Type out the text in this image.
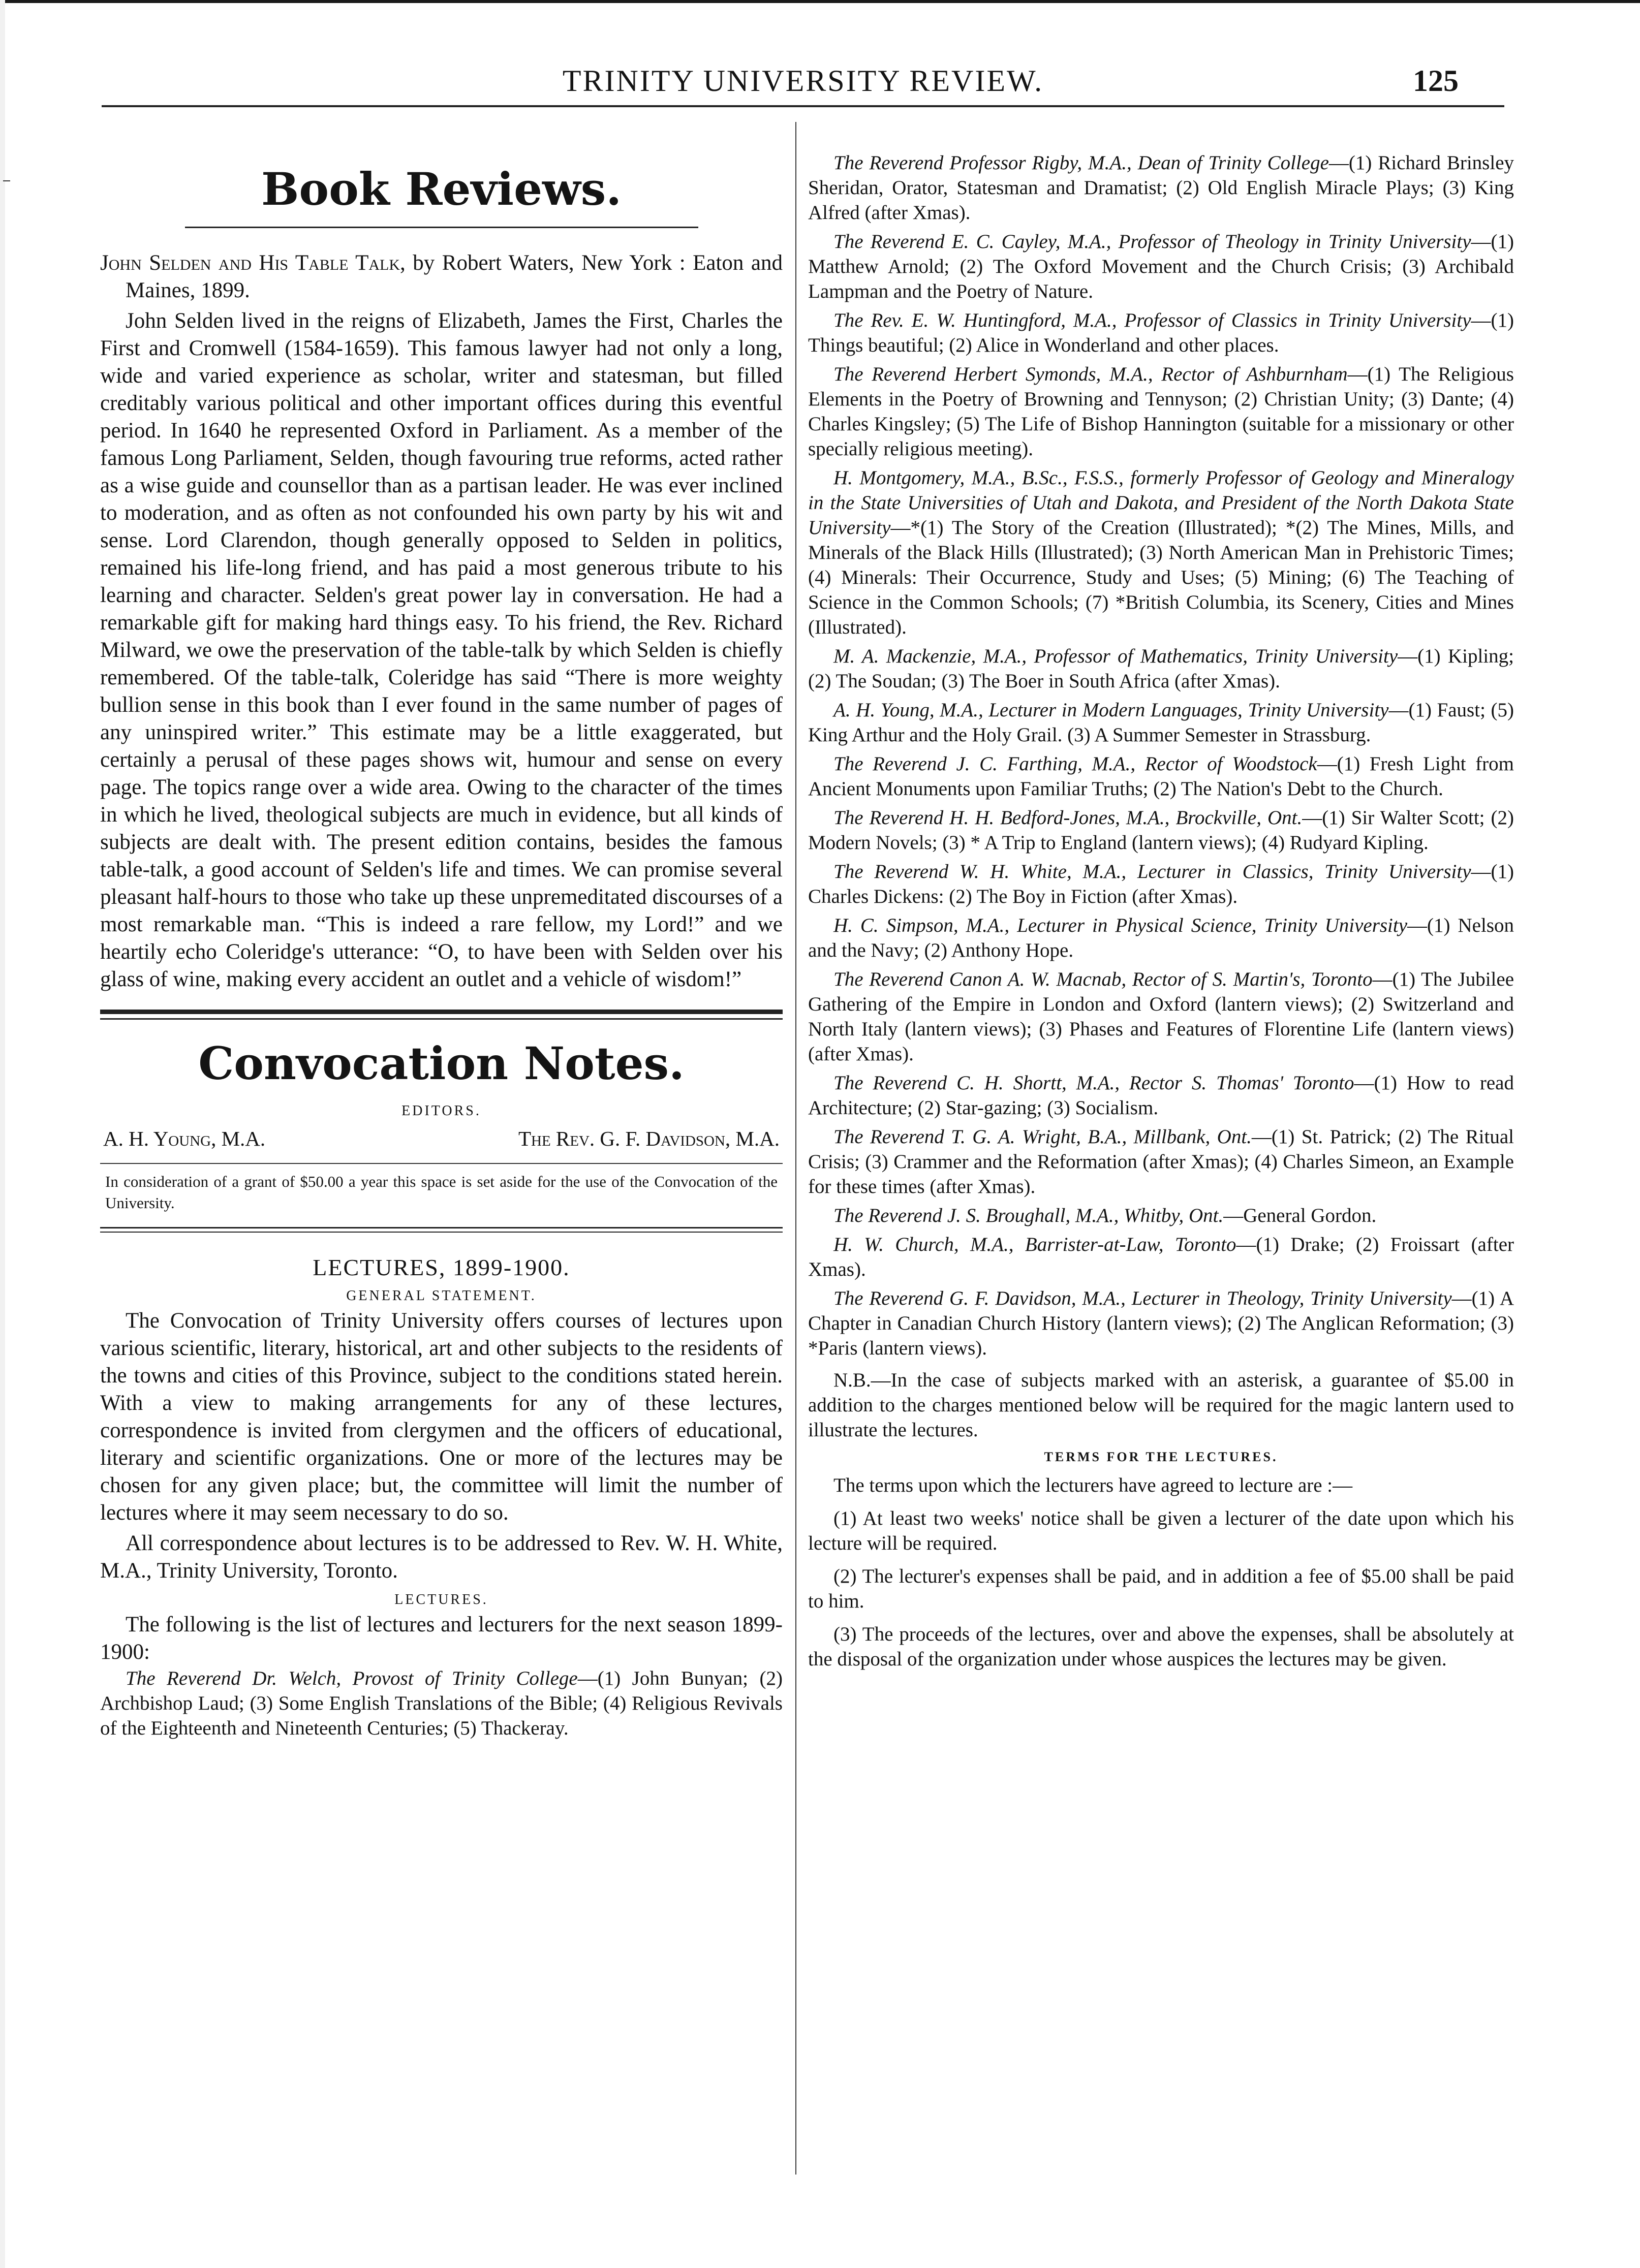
TRINITY UNIVERSITY REVIEW.	125
Book Reviews.

John Selden and His Table Talk, by Robert Waters, New York : Eaton and Maines, 1899.

John Selden lived in the reigns of Elizabeth, James the First, Charles the First and Cromwell (1584-1659). This famous lawyer had not only a long, wide and varied experience as scholar, writer and statesman, but filled creditably various political and other important offices during this eventful period. In 1640 he represented Oxford in Parliament. As a member of the famous Long Parliament, Selden, though favouring true reforms, acted rather as a wise guide and counsellor than as a partisan leader. He was ever inclined to moderation, and as often as not confounded his own party by his wit and sense. Lord Clarendon, though generally opposed to Selden in politics, remained his life-long friend, and has paid a most generous tribute to his learning and character. Selden's great power lay in conversation. He had a remarkable gift for making hard things easy. To his friend, the Rev. Richard Milward, we owe the preservation of the table-talk by which Selden is chiefly remembered. Of the table-talk, Coleridge has said “There is more weighty bullion sense in this book than I ever found in the same number of pages of any uninspired writer.” This estimate may be a little exaggerated, but certainly a perusal of these pages shows wit, humour and sense on every page. The topics range over a wide area. Owing to the character of the times in which he lived, theological subjects are much in evidence, but all kinds of subjects are dealt with. The present edition contains, besides the famous table-talk, a good account of Selden's life and times. We can promise several pleasant half-hours to those who take up these unpremeditated discourses of a most remarkable man. “This is indeed a rare fellow, my Lord!” and we heartily echo Coleridge's utterance: “O, to have been with Selden over his glass of wine, making every accident an outlet and a vehicle of wisdom!”

Convocation Notes.
EDITORS.
A. H. Young, M.A.	The Rev. G. F. Davidson, M.A.

In consideration of a grant of $50.00 a year this space is set aside for the use of the Convocation of the University.

LECTURES, 1899-1900.
GENERAL STATEMENT.

The Convocation of Trinity University offers courses of lectures upon various scientific, literary, historical, art and other subjects to the residents of the towns and cities of this Province, subject to the conditions stated herein. With a view to making arrangements for any of these lectures, correspondence is invited from clergymen and the officers of educational, literary and scientific organizations. One or more of the lectures may be chosen for any given place; but, the committee will limit the number of lectures where it may seem necessary to do so.

All correspondence about lectures is to be addressed to Rev. W. H. White, M.A., Trinity University, Toronto.

LECTURES.

The following is the list of lectures and lecturers for the next season 1899-1900:

The Reverend Dr. Welch, Provost of Trinity College—(1) John Bunyan; (2) Archbishop Laud; (3) Some English Translations of the Bible; (4) Religious Revivals of the Eighteenth and Nineteenth Centuries; (5) Thackeray.

The Reverend Professor Rigby, M.A., Dean of Trinity College—(1) Richard Brinsley Sheridan, Orator, Statesman and Dramatist; (2) Old English Miracle Plays; (3) King Alfred (after Xmas).

The Reverend E. C. Cayley, M.A., Professor of Theology in Trinity University—(1) Matthew Arnold; (2) The Oxford Movement and the Church Crisis; (3) Archibald Lampman and the Poetry of Nature.

The Rev. E. W. Huntingford, M.A., Professor of Classics in Trinity University—(1) Things beautiful; (2) Alice in Wonderland and other places.

The Reverend Herbert Symonds, M.A., Rector of Ashburnham—(1) The Religious Elements in the Poetry of Browning and Tennyson; (2) Christian Unity; (3) Dante; (4) Charles Kingsley; (5) The Life of Bishop Hannington (suitable for a missionary or other specially religious meeting).

H. Montgomery, M.A., B.Sc., F.S.S., formerly Professor of Geology and Mineralogy in the State Universities of Utah and Dakota, and President of the North Dakota State University—*(1) The Story of the Creation (Illustrated); *(2) The Mines, Mills, and Minerals of the Black Hills (Illustrated); (3) North American Man in Prehistoric Times; (4) Minerals: Their Occurrence, Study and Uses; (5) Mining; (6) The Teaching of Science in the Common Schools; (7) *British Columbia, its Scenery, Cities and Mines (Illustrated).

M. A. Mackenzie, M.A., Professor of Mathematics, Trinity University—(1) Kipling; (2) The Soudan; (3) The Boer in South Africa (after Xmas).

A. H. Young, M.A., Lecturer in Modern Languages, Trinity University—(1) Faust; (5) King Arthur and the Holy Grail. (3) A Summer Semester in Strassburg.

The Reverend J. C. Farthing, M.A., Rector of Woodstock—(1) Fresh Light from Ancient Monuments upon Familiar Truths; (2) The Nation's Debt to the Church.

The Reverend H. H. Bedford-Jones, M.A., Brockville, Ont.—(1) Sir Walter Scott; (2) Modern Novels; (3) * A Trip to England (lantern views); (4) Rudyard Kipling.

The Reverend W. H. White, M.A., Lecturer in Classics, Trinity University—(1) Charles Dickens: (2) The Boy in Fiction (after Xmas).

H. C. Simpson, M.A., Lecturer in Physical Science, Trinity University—(1) Nelson and the Navy; (2) Anthony Hope.

The Reverend Canon A. W. Macnab, Rector of S. Martin's, Toronto—(1) The Jubilee Gathering of the Empire in London and Oxford (lantern views); (2) Switzerland and North Italy (lantern views); (3) Phases and Features of Florentine Life (lantern views) (after Xmas).

The Reverend C. H. Shortt, M.A., Rector S. Thomas' Toronto—(1) How to read Architecture; (2) Star-gazing; (3) Socialism.

The Reverend T. G. A. Wright, B.A., Millbank, Ont.—(1) St. Patrick; (2) The Ritual Crisis; (3) Crammer and the Reformation (after Xmas); (4) Charles Simeon, an Example for these times (after Xmas).

The Reverend J. S. Broughall, M.A., Whitby, Ont.—General Gordon.

H. W. Church, M.A., Barrister-at-Law, Toronto—(1) Drake; (2) Froissart (after Xmas).

The Reverend G. F. Davidson, M.A., Lecturer in Theology, Trinity University—(1) A Chapter in Canadian Church History (lantern views); (2) The Anglican Reformation; (3) *Paris (lantern views).

N.B.—In the case of subjects marked with an asterisk, a guarantee of $5.00 in addition to the charges mentioned below will be required for the magic lantern used to illustrate the lectures.

TERMS FOR THE LECTURES.

The terms upon which the lecturers have agreed to lecture are :—

(1) At least two weeks' notice shall be given a lecturer of the date upon which his lecture will be required.

(2) The lecturer's expenses shall be paid, and in addition a fee of $5.00 shall be paid to him.

(3) The proceeds of the lectures, over and above the expenses, shall be absolutely at the disposal of the organization under whose auspices the lectures may be given.
